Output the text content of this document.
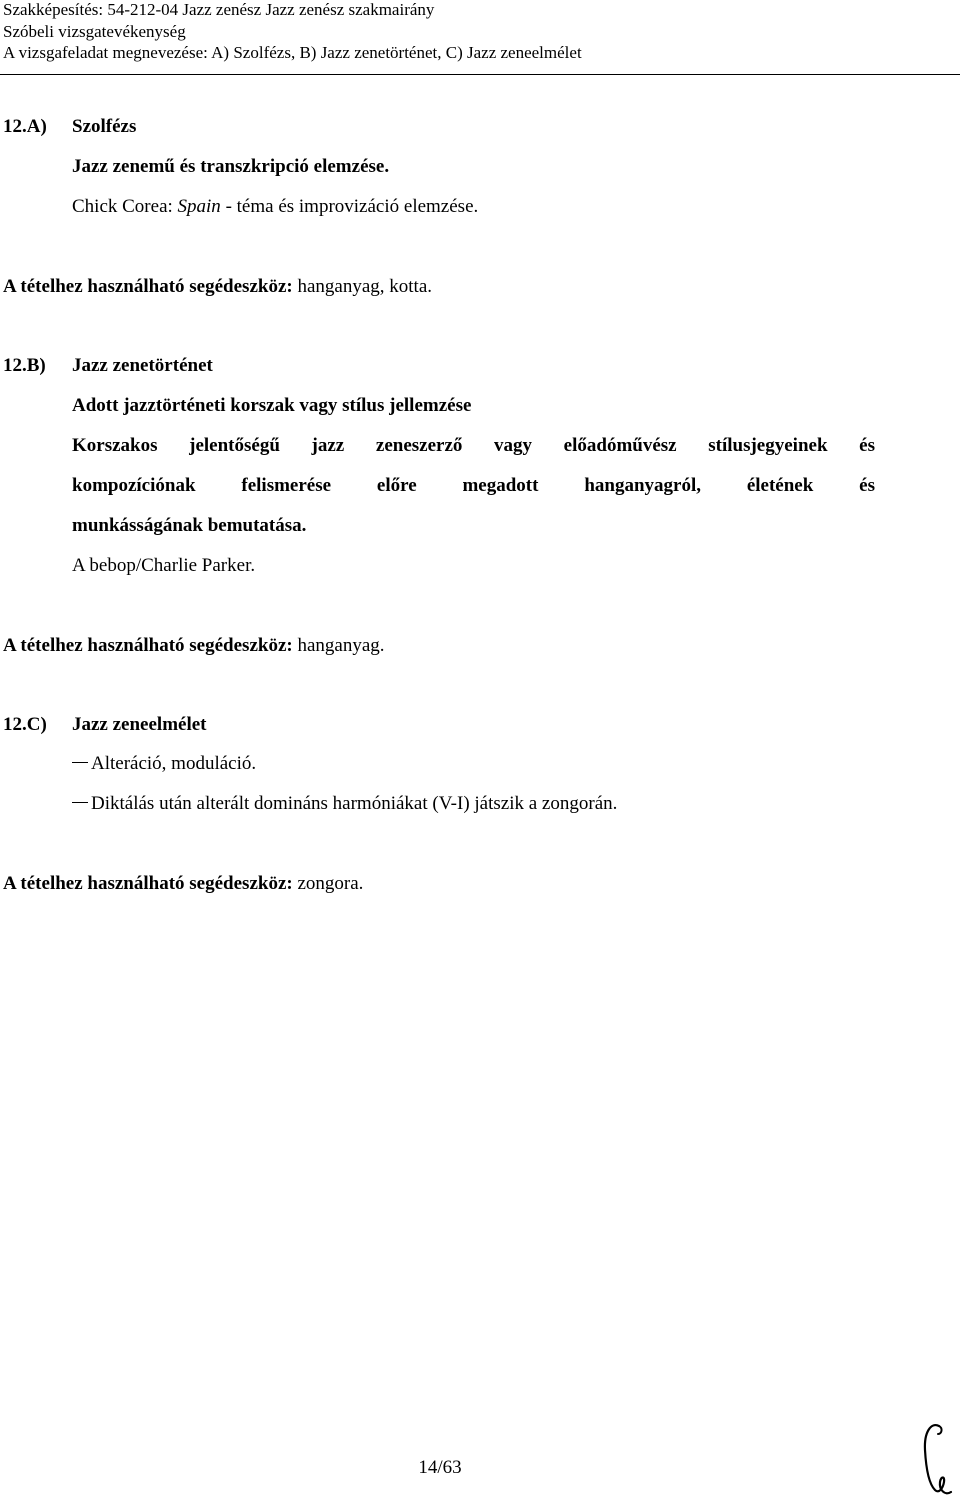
Szakképesítés: 54-212-04 Jazz zenész Jazz zenész szakmairány
Szóbeli vizsgatevékenység
A vizsgafeladat megnevezése: A) Szolfézs, B) Jazz zenetörténet, C) Jazz zeneelmélet
12.A) Szolfézs
Jazz zenemű és transzkripció elemzése.
Chick Corea: Spain - téma és improvizáció elemzése.
A tételhez használható segédeszköz: hanganyag, kotta.
12.B) Jazz zenetörténet
Adott jazztörténeti korszak vagy stílus jellemzése
Korszakos jelentőségű jazz zeneszerző vagy előadóművész stílusjegyeinek és
kompozíciónak felismerése előre megadott hanganyagról, életének és
munkásságának bemutatása.
A bebop/Charlie Parker.
A tételhez használható segédeszköz: hanganyag.
12.C) Jazz zeneelmélet
Alteráció, moduláció.
Diktálás után alterált domináns harmóniákat (V-I) játszik a zongorán.
A tételhez használható segédeszköz: zongora.
14/63
